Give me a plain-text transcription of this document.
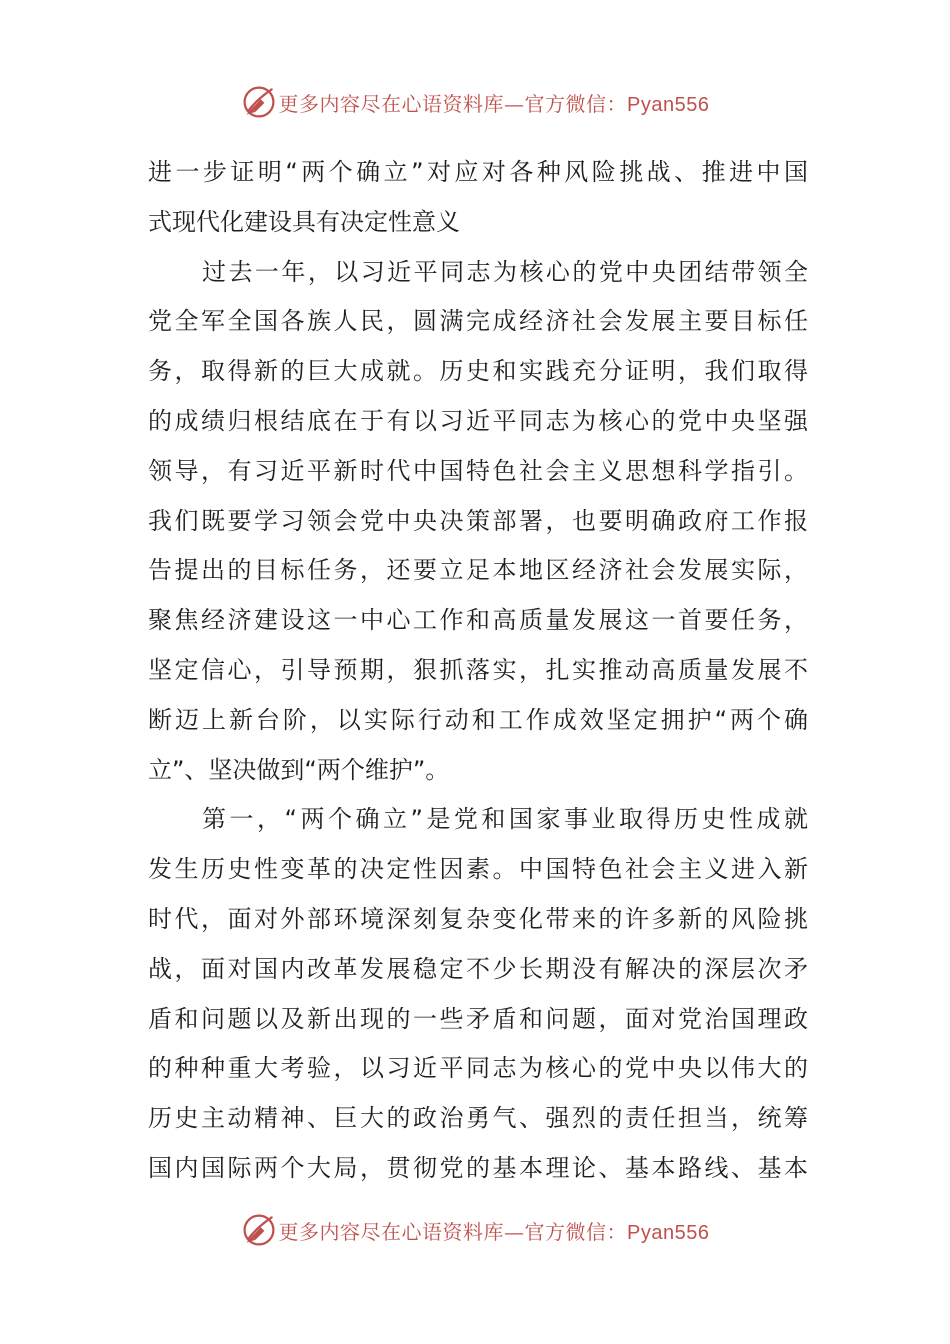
更多内容尽在心语资料库—官方微信：Pyan556
进一步证明“两个确立”对应对各种风险挑战、推进中国
式现代化建设具有决定性意义
过去一年，以习近平同志为核心的党中央团结带领全
党全军全国各族人民，圆满完成经济社会发展主要目标任
务，取得新的巨大成就。历史和实践充分证明，我们取得
的成绩归根结底在于有以习近平同志为核心的党中央坚强
领导，有习近平新时代中国特色社会主义思想科学指引。
我们既要学习领会党中央决策部署，也要明确政府工作报
告提出的目标任务，还要立足本地区经济社会发展实际，
聚焦经济建设这一中心工作和高质量发展这一首要任务，
坚定信心，引导预期，狠抓落实，扎实推动高质量发展不
断迈上新台阶，以实际行动和工作成效坚定拥护“两个确
立”、坚决做到“两个维护”。
第一，“两个确立”是党和国家事业取得历史性成就
发生历史性变革的决定性因素。中国特色社会主义进入新
时代，面对外部环境深刻复杂变化带来的许多新的风险挑
战，面对国内改革发展稳定不少长期没有解决的深层次矛
盾和问题以及新出现的一些矛盾和问题，面对党治国理政
的种种重大考验，以习近平同志为核心的党中央以伟大的
历史主动精神、巨大的政治勇气、强烈的责任担当，统筹
国内国际两个大局，贯彻党的基本理论、基本路线、基本
更多内容尽在心语资料库—官方微信：Pyan556
